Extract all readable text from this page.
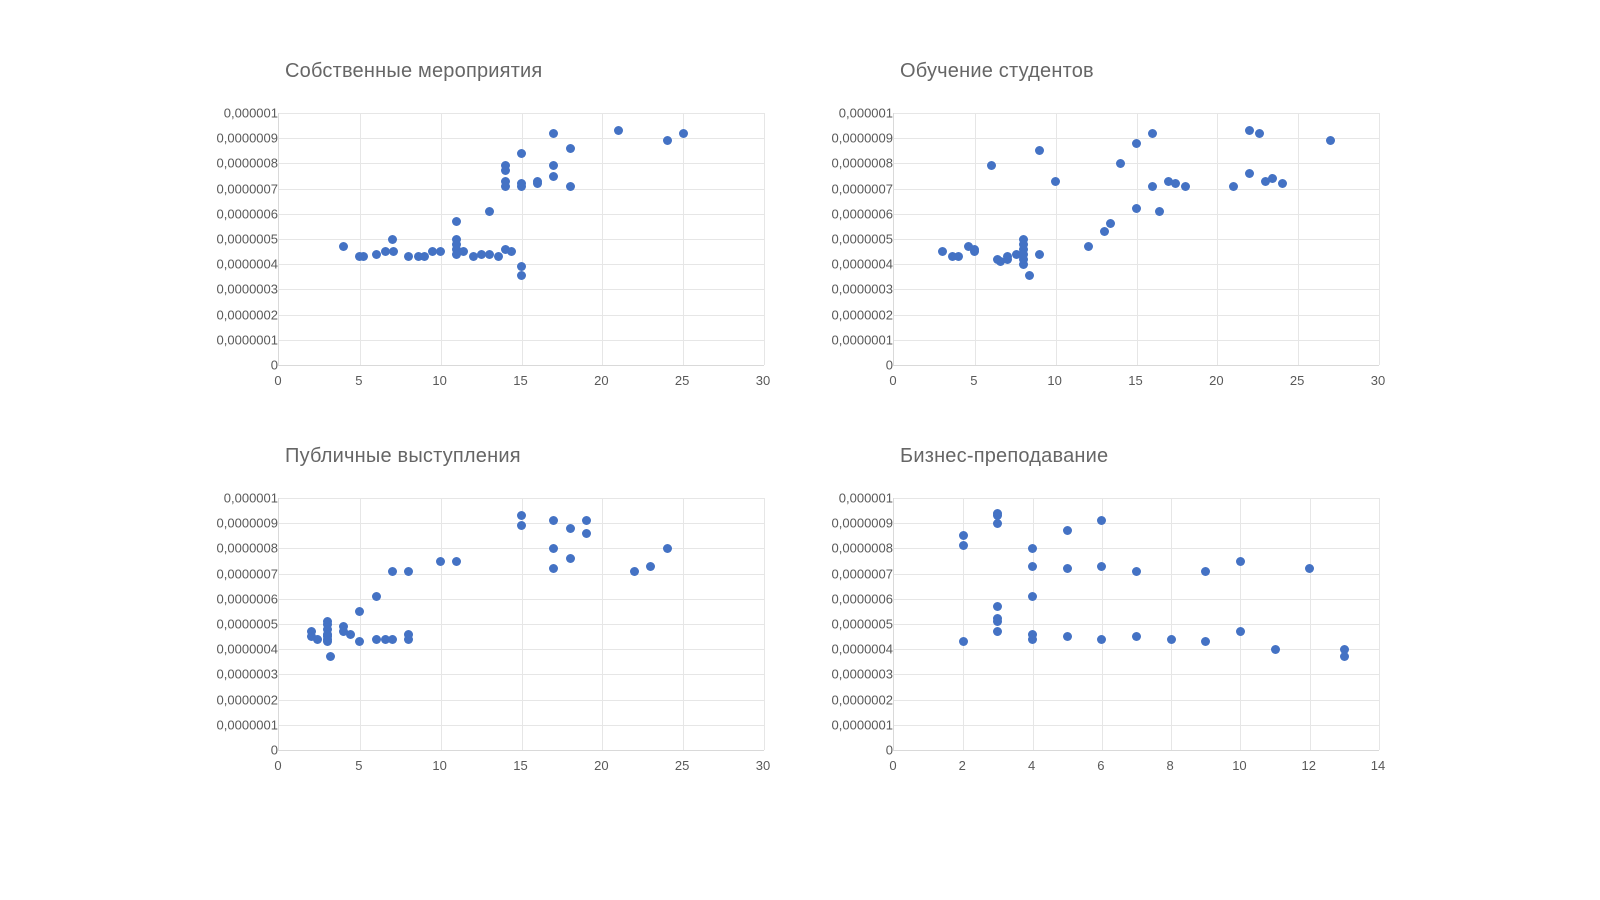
Собственные мероприятия
0,000001
0,0000009
0,0000008
0,0000007
0,0000006
0,0000005
0,0000004
0,0000003
0,0000002
0,0000001
0
0	5	10	15	20	25	30
Обучение студентов
0,000001
0,0000009
0,0000008
0,0000007
0,0000006
0,0000005
0,0000004
0,0000003
0,0000002
0,0000001
0
0	5	10	15	20	25	30
Публичные выступления
0,000001
0,0000009
0,0000008
0,0000007
0,0000006
0,0000005
0,0000004
0,0000003
0,0000002
0,0000001
0
0	5	10	15	20	25	30
Бизнес-преподавание
0,000001
0,0000009
0,0000008
0,0000007
0,0000006
0,0000005
0,0000004
0,0000003
0,0000002
0,0000001
0
0	2	4	6	8	10	12	14
